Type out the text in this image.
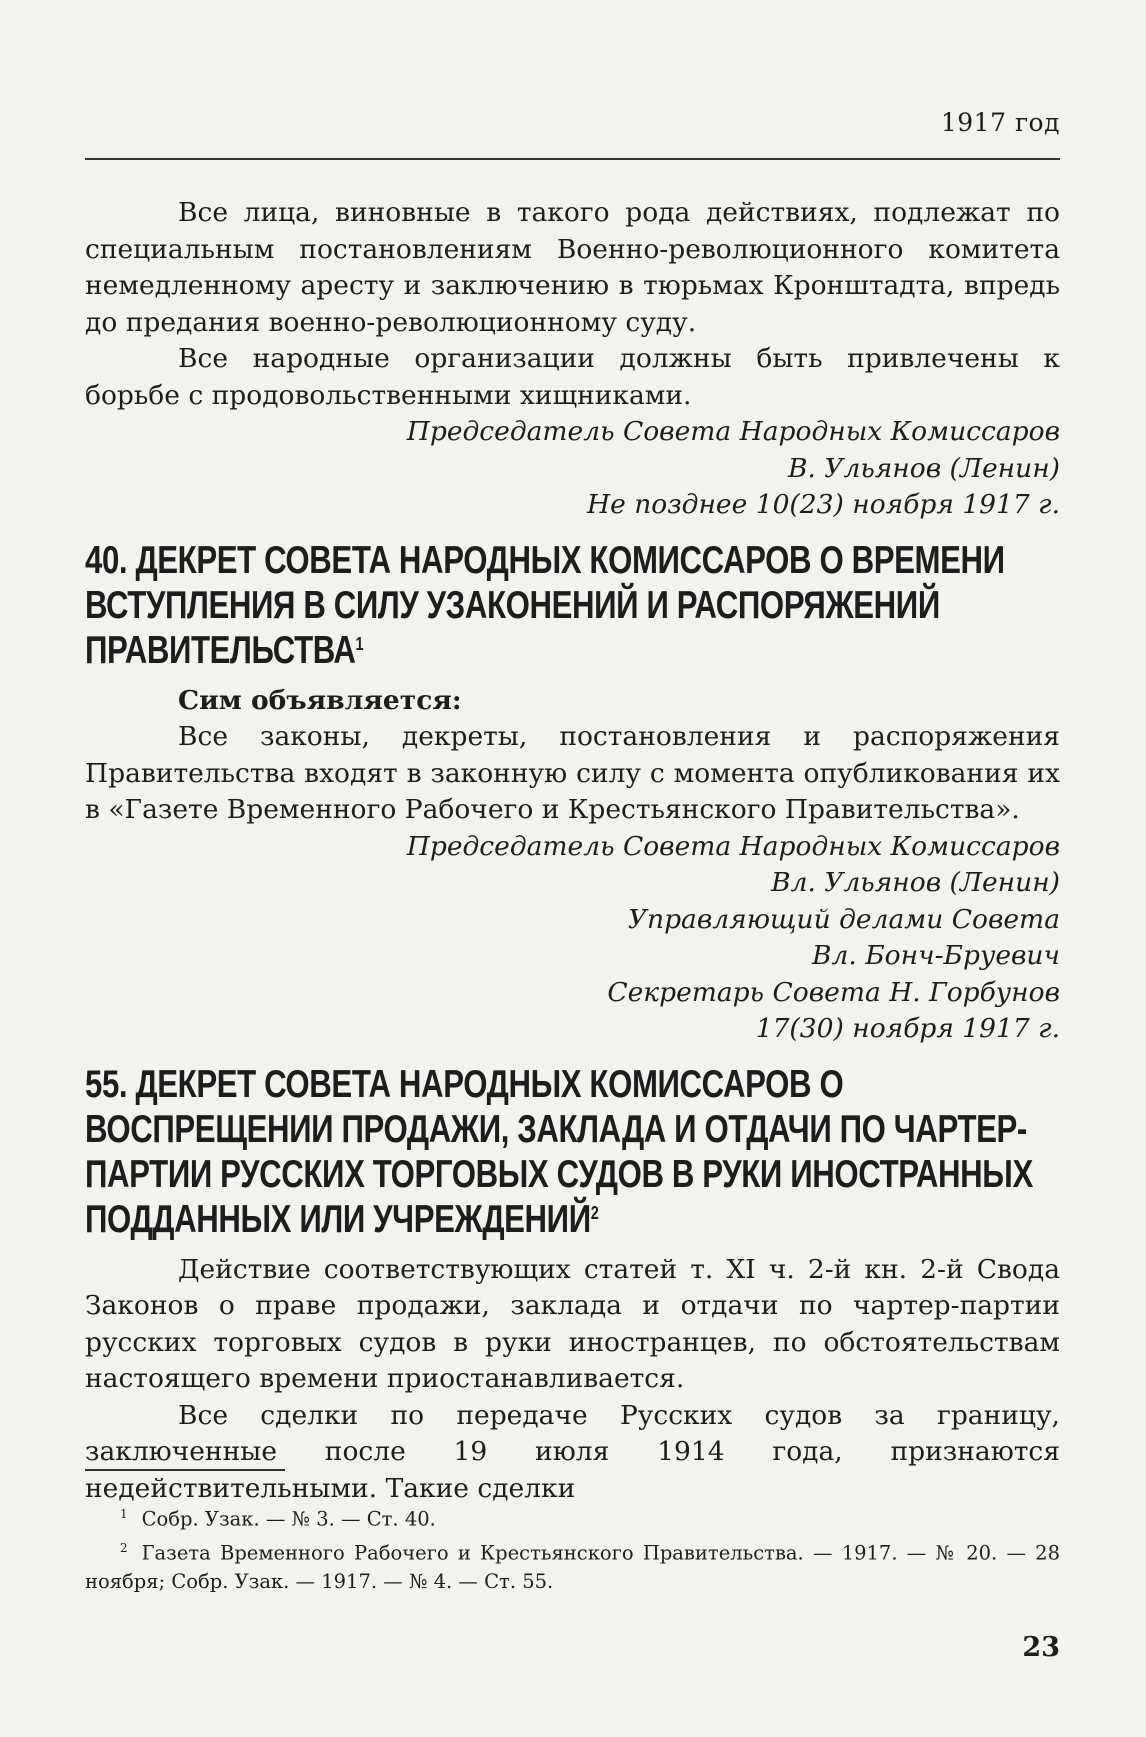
1917 год

Все лица, виновные в такого рода действиях, подлежат по специальным постановлениям Военно-революционного комитета немедленному аресту и заключению в тюрьмах Кронштадта, впредь до предания военно-революционному суду.

Все народные организации должны быть привлечены к борьбе с продовольственными хищниками.

Председатель Совета Народных Комиссаров

В. Ульянов (Ленин)

Не позднее 10(23) ноября 1917 г.

40. ДЕКРЕТ СОВЕТА НАРОДНЫХ КОМИССАРОВ О ВРЕМЕНИ ВСТУПЛЕНИЯ В СИЛУ УЗАКОНЕНИЙ И РАСПОРЯЖЕНИЙ ПРАВИТЕЛЬСТВА$^1$

Сим объявляется:

Все законы, декреты, постановления и распоряжения Правительства входят в законную силу с момента опубликования их в «Газете Временного Рабочего и Крестьянского Правительства».

Председатель Совета Народных Комиссаров

Вл. Ульянов (Ленин)

Управляющий делами Совета

Вл. Бонч-Бруевич

Секретарь Совета Н. Горбунов

17(30) ноября 1917 г.

55. ДЕКРЕТ СОВЕТА НАРОДНЫХ КОМИССАРОВ О ВОСПРЕЩЕНИИ ПРОДАЖИ, ЗАКЛАДА И ОТДАЧИ ПО ЧАРТЕР-ПАРТИИ РУССКИХ ТОРГОВЫХ СУДОВ В РУКИ ИНОСТРАННЫХ ПОДДАННЫХ ИЛИ УЧРЕЖДЕНИЙ$^2$

Действие соответствующих статей т. XI ч. 2-й кн. 2-й Свода Законов о праве продажи, заклада и отдачи по чартер-партии русских торговых судов в руки иностранцев, по обстоятельствам настоящего времени приостанавливается.

Все сделки по передаче Русских судов за границу, заключенные после 19 июля 1914 года, признаются недействительными. Такие сделки

$^1$ Собр. Узак. — № 3. — Ст. 40.

$^2$ Газета Временного Рабочего и Крестьянского Правительства. — 1917. — № 20. — 28 ноября; Собр. Узак. — 1917. — № 4. — Ст. 55.

23
